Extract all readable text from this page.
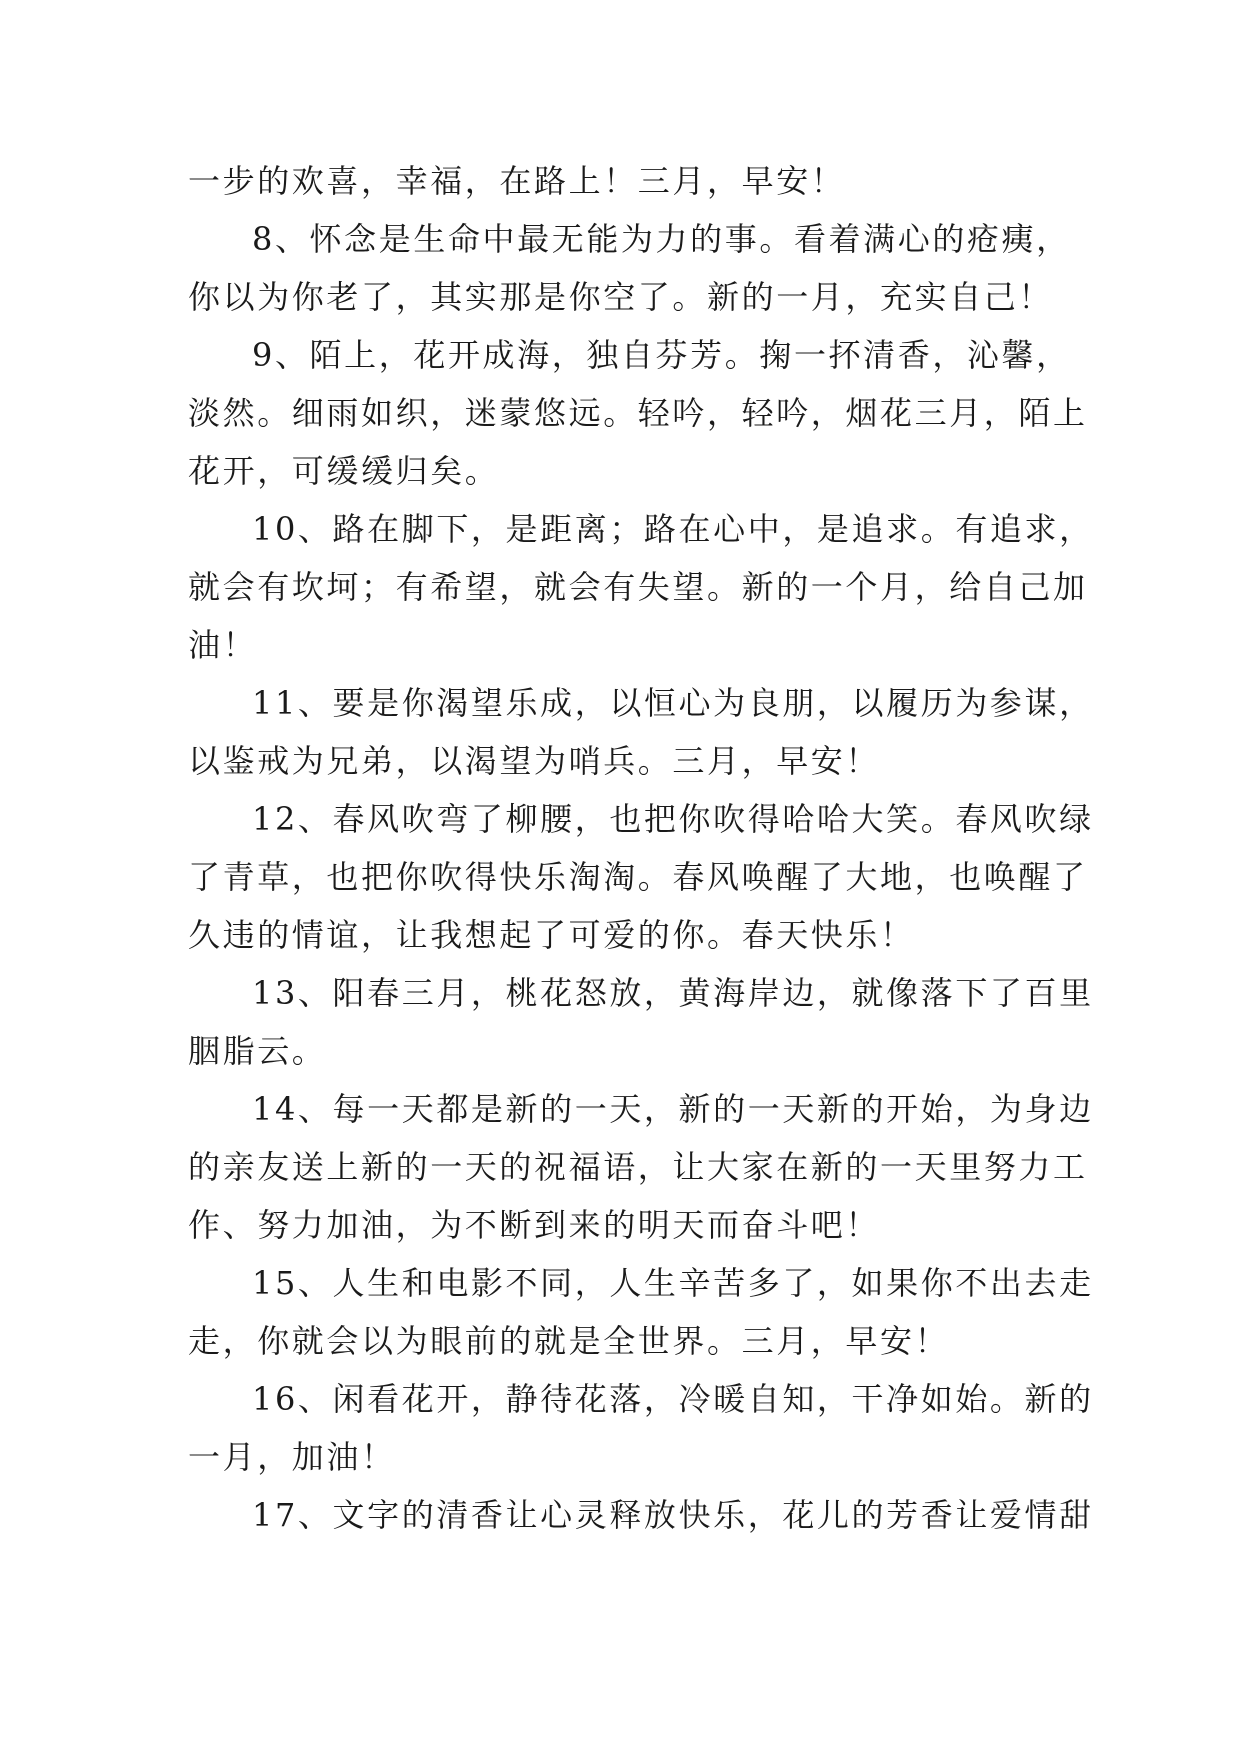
一步的欢喜，幸福，在路上！三月，早安！
8、怀念是生命中最无能为力的事。看着满心的疮痍，
你以为你老了，其实那是你空了。新的一月，充实自己！
9、陌上，花开成海，独自芬芳。掬一抔清香，沁馨，
淡然。细雨如织，迷蒙悠远。轻吟，轻吟，烟花三月，陌上
花开，可缓缓归矣。
10、路在脚下，是距离；路在心中，是追求。有追求，
就会有坎坷；有希望，就会有失望。新的一个月，给自己加
油！
11、要是你渴望乐成，以恒心为良朋，以履历为参谋，
以鉴戒为兄弟，以渴望为哨兵。三月，早安！
12、春风吹弯了柳腰，也把你吹得哈哈大笑。春风吹绿
了青草，也把你吹得快乐淘淘。春风唤醒了大地，也唤醒了
久违的情谊，让我想起了可爱的你。春天快乐！
13、阳春三月，桃花怒放，黄海岸边，就像落下了百里
胭脂云。
14、每一天都是新的一天，新的一天新的开始，为身边
的亲友送上新的一天的祝福语，让大家在新的一天里努力工
作、努力加油，为不断到来的明天而奋斗吧！
15、人生和电影不同，人生辛苦多了，如果你不出去走
走，你就会以为眼前的就是全世界。三月，早安！
16、闲看花开，静待花落，冷暖自知，干净如始。新的
一月，加油！
17、文字的清香让心灵释放快乐，花儿的芳香让爱情甜
